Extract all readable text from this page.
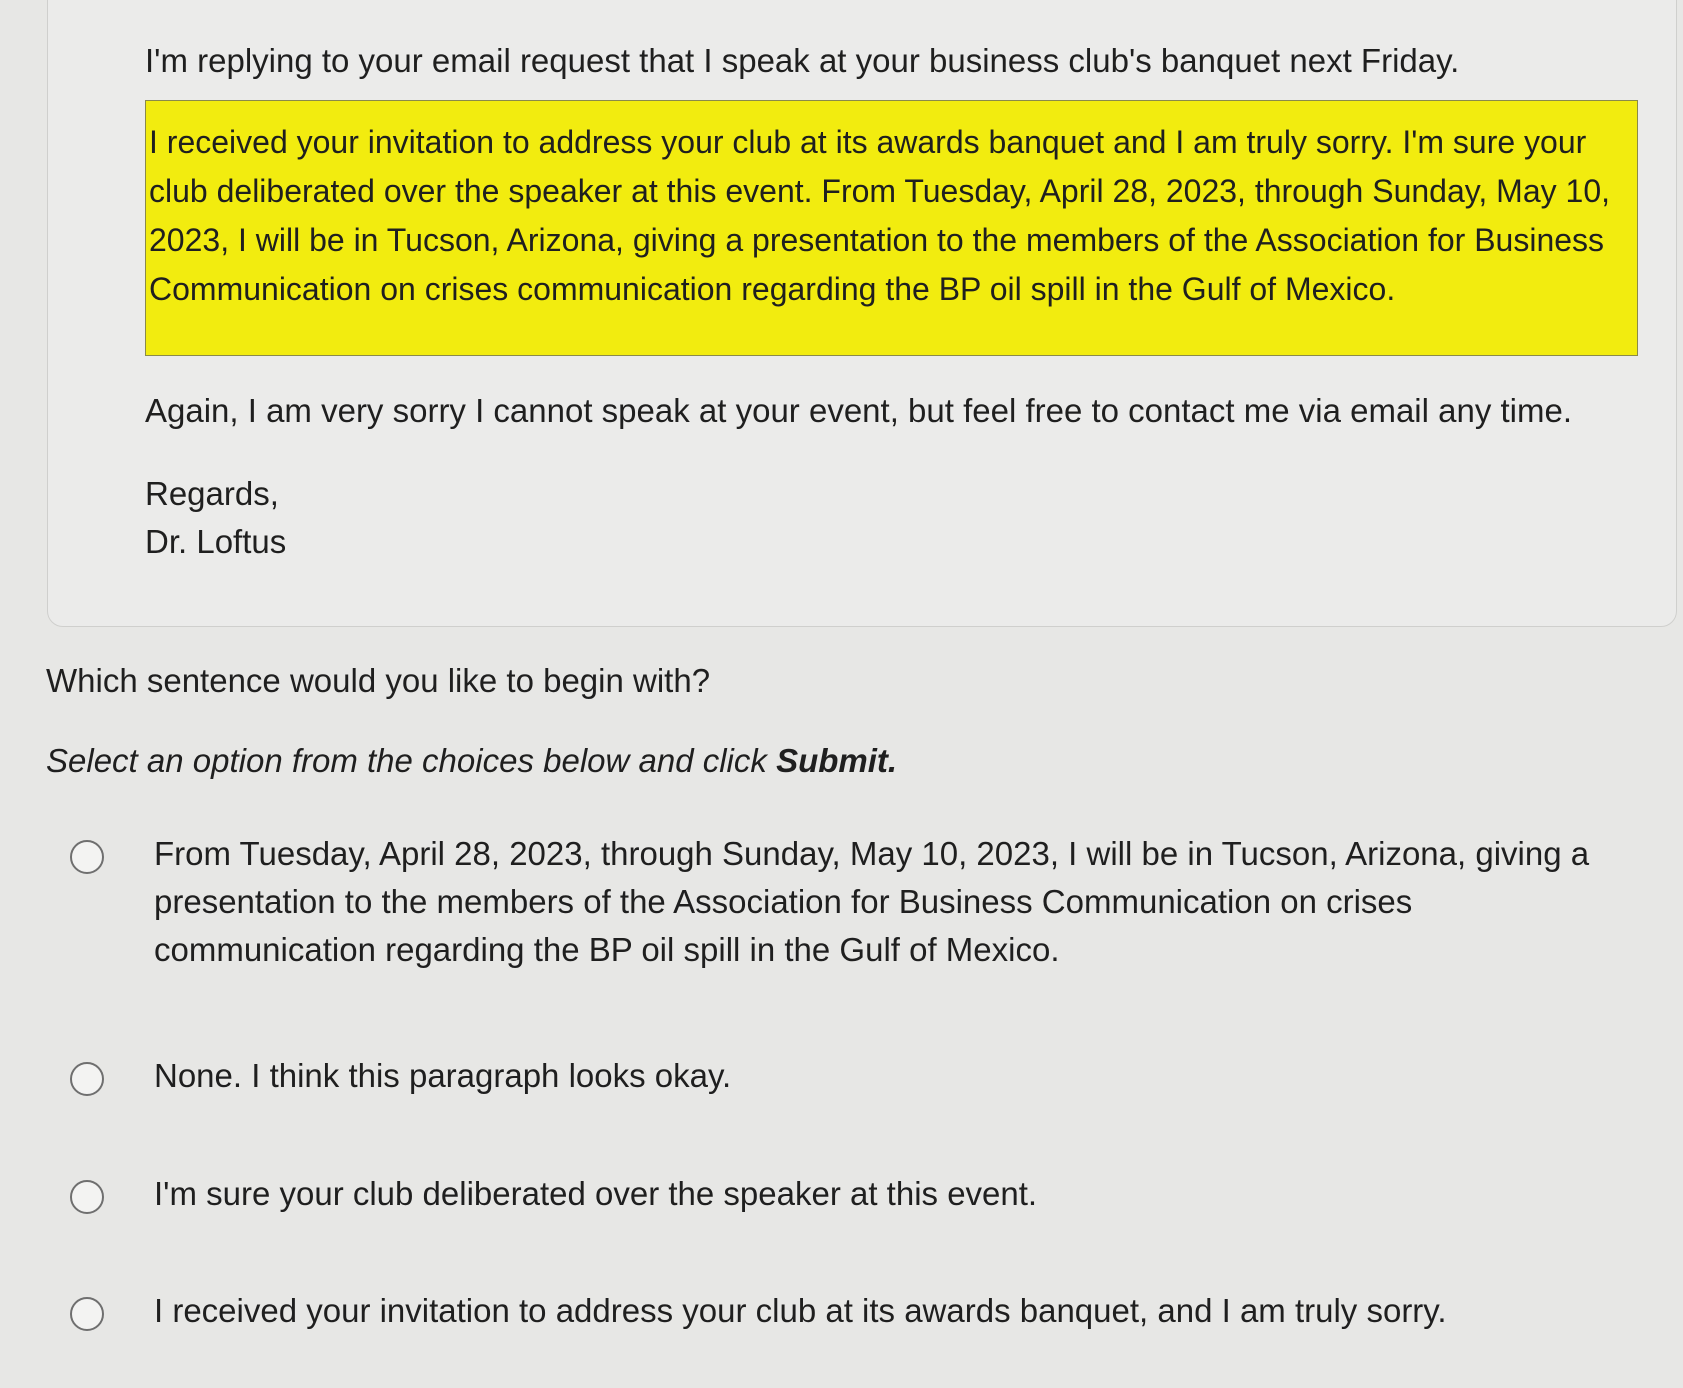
I'm replying to your email request that I speak at your business club's banquet next Friday.
I received your invitation to address your club at its awards banquet and I am truly sorry. I'm sure your club deliberated over the speaker at this event. From Tuesday, April 28, 2023, through Sunday, May 10, 2023, I will be in Tucson, Arizona, giving a presentation to the members of the Association for Business Communication on crises communication regarding the BP oil spill in the Gulf of Mexico.
Again, I am very sorry I cannot speak at your event, but feel free to contact me via email any time.
Regards,
Dr. Loftus
Which sentence would you like to begin with?
Select an option from the choices below and click Submit.
From Tuesday, April 28, 2023, through Sunday, May 10, 2023, I will be in Tucson, Arizona, giving a presentation to the members of the Association for Business Communication on crises communication regarding the BP oil spill in the Gulf of Mexico.
None. I think this paragraph looks okay.
I'm sure your club deliberated over the speaker at this event.
I received your invitation to address your club at its awards banquet, and I am truly sorry.
